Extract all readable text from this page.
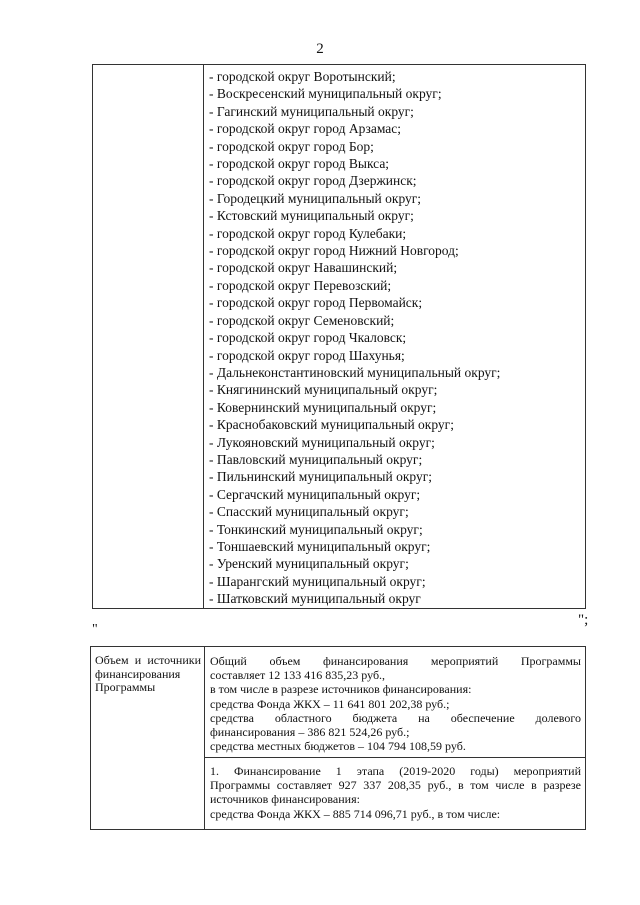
2
- городской округ Воротынский;
- Воскресенский муниципальный округ;
- Гагинский муниципальный округ;
- городской округ город Арзамас;
- городской округ город Бор;
- городской округ город Выкса;
- городской округ город Дзержинск;
- Городецкий муниципальный округ;
- Кстовский муниципальный округ;
- городской округ город Кулебаки;
- городской округ город Нижний Новгород;
- городской округ Навашинский;
- городской округ Перевозский;
- городской округ город Первомайск;
- городской округ Семеновский;
- городской округ город Чкаловск;
- городской округ город Шахунья;
- Дальнеконстантиновский муниципальный округ;
- Княгининский муниципальный округ;
- Ковернинский муниципальный округ;
- Краснобаковский муниципальный округ;
- Лукояновский муниципальный округ;
- Павловский муниципальный округ;
- Пильнинский муниципальный округ;
- Сергачский муниципальный округ;
- Спасский муниципальный округ;
- Тонкинский муниципальный округ;
- Тоншаевский муниципальный округ;
- Уренский муниципальный округ;
- Шарангский муниципальный округ;
- Шатковский муниципальный округ
";
"
Объем и источники финансирования Программы
Общий объем финансирования мероприятий Программы
составляет 12 133 416 835,23 руб.,
в том числе в разрезе источников финансирования:
средства Фонда ЖКХ – 11 641 801 202,38 руб.;
средства областного бюджета на обеспечение долевого
финансирования – 386 821 524,26 руб.;
средства местных бюджетов – 104 794 108,59 руб.
1. Финансирование 1 этапа (2019-2020 годы) мероприятий
Программы составляет 927 337 208,35 руб., в том числе в разрезе
источников финансирования:
средства Фонда ЖКХ – 885 714 096,71 руб., в том числе:
